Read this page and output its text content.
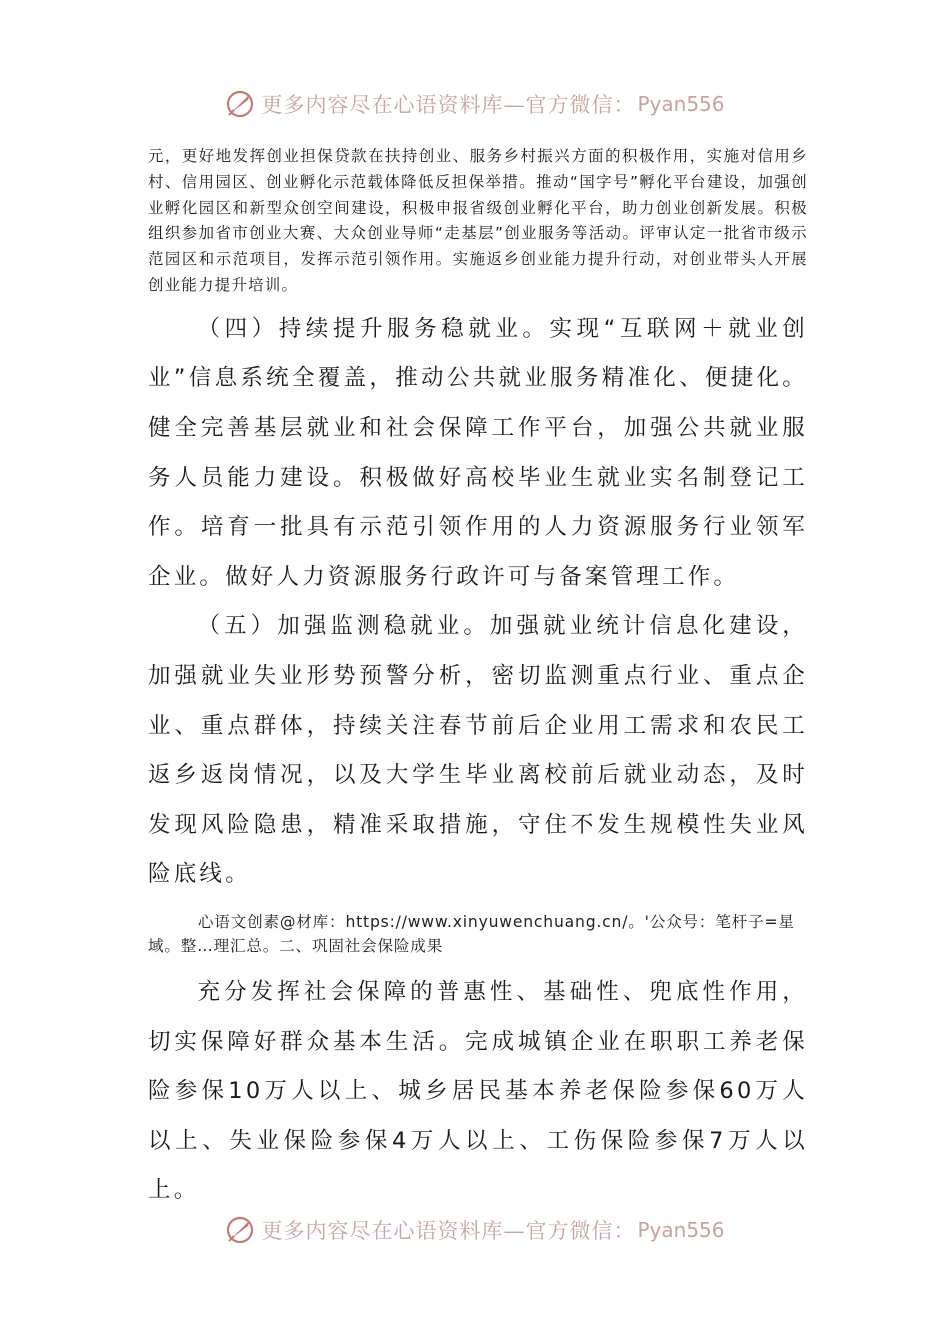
更多内容尽在心语资料库—官方微信： Pyan556

元，更好地发挥创业担保贷款在扶持创业、服务乡村振兴方面的积极作用，实施对信用乡村、信用园区、创业孵化示范载体降低反担保举措。推动“国字号”孵化平台建设，加强创业孵化园区和新型众创空间建设，积极申报省级创业孵化平台，助力创业创新发展。积极组织参加省市创业大赛、大众创业导师“走基层”创业服务等活动。评审认定一批省市级示范园区和示范项目，发挥示范引领作用。实施返乡创业能力提升行动，对创业带头人开展创业能力提升培训。

（四）持续提升服务稳就业。实现“互联网＋就业创业”信息系统全覆盖，推动公共就业服务精准化、便捷化。健全完善基层就业和社会保障工作平台，加强公共就业服务人员能力建设。积极做好高校毕业生就业实名制登记工作。培育一批具有示范引领作用的人力资源服务行业领军企业。做好人力资源服务行政许可与备案管理工作。

（五）加强监测稳就业。加强就业统计信息化建设，加强就业失业形势预警分析，密切监测重点行业、重点企业、重点群体，持续关注春节前后企业用工需求和农民工返乡返岗情况，以及大学生毕业离校前后就业动态，及时发现风险隐患，精准采取措施，守住不发生规模性失业风险底线。

心语文创素@材库：https://www.xinyuwenchuang.cn/。'公众号：笔杆子=星域。整…理汇总。二、巩固社会保险成果

充分发挥社会保障的普惠性、基础性、兜底性作用，切实保障好群众基本生活。完成城镇企业在职职工养老保险参保10万人以上、城乡居民基本养老保险参保60万人以上、失业保险参保4万人以上、工伤保险参保7万人以上。

更多内容尽在心语资料库—官方微信： Pyan556
